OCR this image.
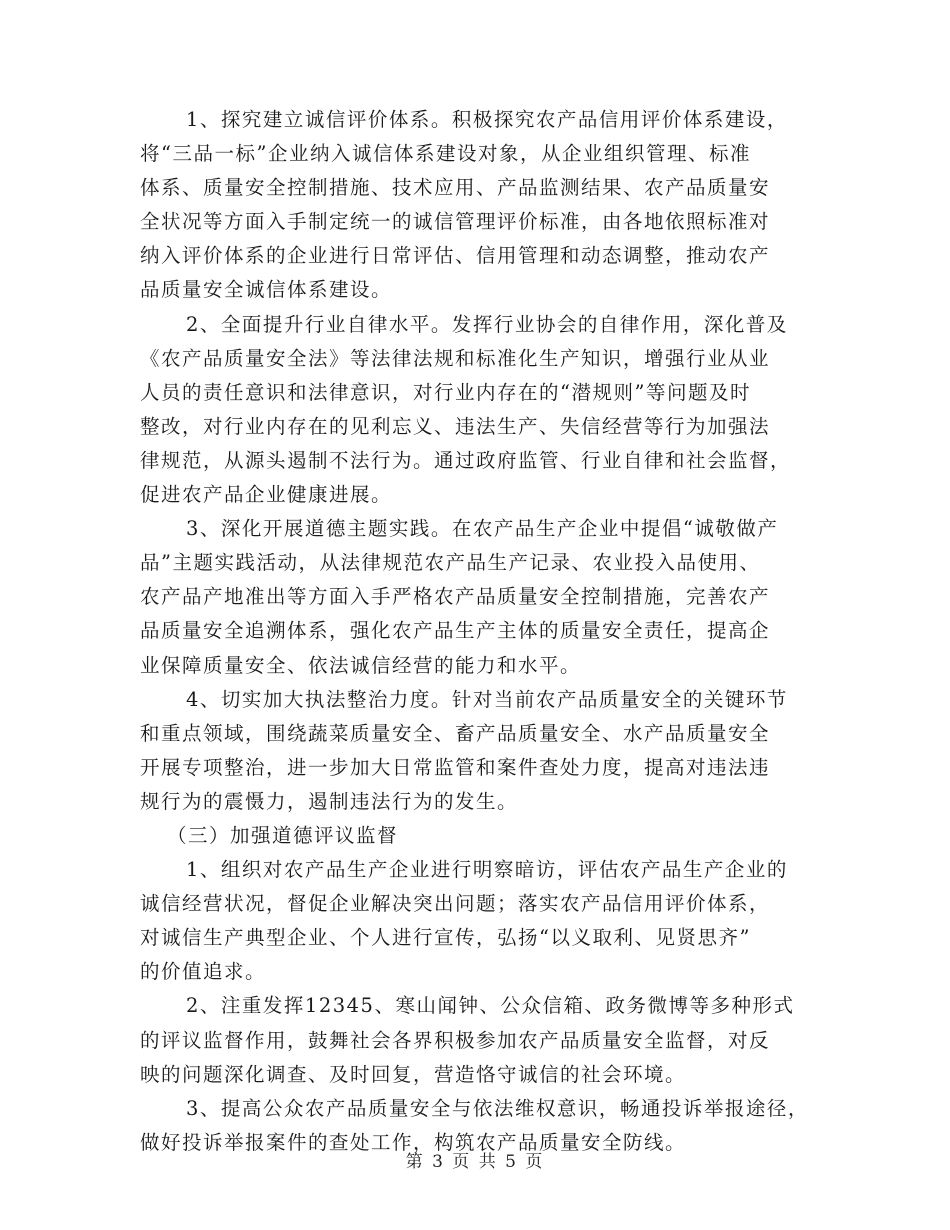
1、探究建立诚信评价体系。积极探究农产品信用评价体系建设，
将“三品一标”企业纳入诚信体系建设对象，从企业组织管理、标准
体系、质量安全控制措施、技术应用、产品监测结果、农产品质量安
全状况等方面入手制定统一的诚信管理评价标准，由各地依照标准对
纳入评价体系的企业进行日常评估、信用管理和动态调整，推动农产
品质量安全诚信体系建设。
2、全面提升行业自律水平。发挥行业协会的自律作用，深化普及
《农产品质量安全法》等法律法规和标准化生产知识，增强行业从业
人员的责任意识和法律意识，对行业内存在的“潜规则”等问题及时
整改，对行业内存在的见利忘义、违法生产、失信经营等行为加强法
律规范，从源头遏制不法行为。通过政府监管、行业自律和社会监督，
促进农产品企业健康进展。
3、深化开展道德主题实践。在农产品生产企业中提倡“诚敬做产
品”主题实践活动，从法律规范农产品生产记录、农业投入品使用、
农产品产地准出等方面入手严格农产品质量安全控制措施，完善农产
品质量安全追溯体系，强化农产品生产主体的质量安全责任，提高企
业保障质量安全、依法诚信经营的能力和水平。
4、切实加大执法整治力度。针对当前农产品质量安全的关键环节
和重点领域，围绕蔬菜质量安全、畜产品质量安全、水产品质量安全
开展专项整治，进一步加大日常监管和案件查处力度，提高对违法违
规行为的震慑力，遏制违法行为的发生。
（三）加强道德评议监督
1、组织对农产品生产企业进行明察暗访，评估农产品生产企业的
诚信经营状况，督促企业解决突出问题；落实农产品信用评价体系，
对诚信生产典型企业、个人进行宣传，弘扬“以义取利、见贤思齐”
的价值追求。
2、注重发挥12345、寒山闻钟、公众信箱、政务微博等多种形式
的评议监督作用，鼓舞社会各界积极参加农产品质量安全监督，对反
映的问题深化调查、及时回复，营造恪守诚信的社会环境。
3、提高公众农产品质量安全与依法维权意识，畅通投诉举报途径，
做好投诉举报案件的查处工作，构筑农产品质量安全防线。
第 3 页 共 5 页
